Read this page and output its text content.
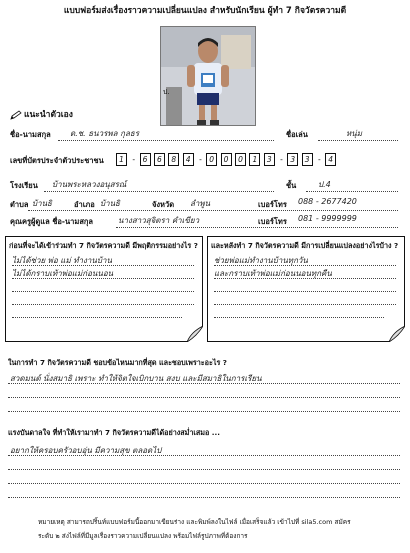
แบบฟอร์มส่งเรื่องราวความเปลี่ยนแปลง สำหรับนักเรียน ผู้ทำ 7 กิจวัตรความดี
ป.
แนะนำตัวเอง
ชื่อ-นามสกุล ด.ช. ธนวรพล กุลธร	ชื่อเล่น	หนุ่ม
เลขที่บัตรประจำตัวประชาชน	1 - 6 6 8 4 - 0 0 0 1 3 - 3 3 - 4
โรงเรียน บ้านพระหลวงอนุสรณ์	ชั้น	ป.4
ตำบล บ้านธิ	อำเภอ บ้านธิ	จังหวัด ลำพูน	เบอร์โทร 088 - 2677420
คุณครูผู้ดูแล ชื่อ-นามสกุล	นางสาวสุจิตรา คำเขียว	เบอร์โทร 081 - 9999999
ก่อนที่จะได้เข้าร่วมทำ 7 กิจวัตรความดี มีพฤติกรรมอย่างไร ?
ไม่ได้ช่วย พ่อ แม่ ทำงานบ้าน
ไม่ได้กราบเท้าพ่อแม่ก่อนนอน
และหลังทำ 7 กิจวัตรความดี มีการเปลี่ยนแปลงอย่างไรบ้าง ?
ช่วยพ่อแม่ทำงานบ้านทุกวัน
และกราบเท้าพ่อแม่ก่อนนอนทุกคืน
ในการทำ 7 กิจวัตรความดี ชอบข้อไหนมากที่สุด และชอบเพราะอะไร ?
สวดมนต์ นั่งสมาธิ เพราะ ทำให้จิตใจเบิกบาน สงบ และมีสมาธิในการเรียน
แรงบันดาลใจ ที่ทำให้เรามาทำ 7 กิจวัตรความดีได้อย่างสม่ำเสมอ ...
อยากให้ครอบครัวอบอุ่น มีความสุข ตลอดไป
หมายเหตุ สามารถปริ้นท์แบบฟอร์มนี้ออกมาเขียนร่าง และพิมพ์ลงในไฟล์ เมื่อเสร็จแล้ว เข้าไปที่ sila5.com สมัคร
ระดับ ๒ ส่งไฟล์ที่มีมูลเรื่องราวความเปลี่ยนแปลง พร้อมไฟล์รูปภาพที่ต้องการ
